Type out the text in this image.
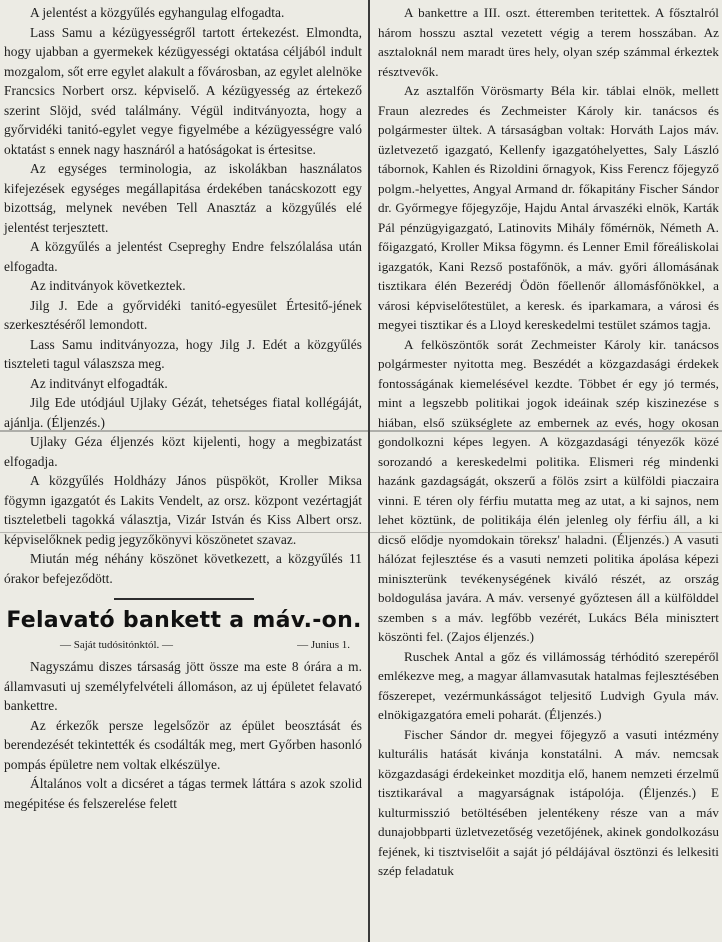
A jelentést a közgyűlés egyhangulag elfogadta.

Lass Samu a kézügyességről tartott értekezést. Elmondta, hogy ujabban a gyermekek kézügyességi oktatása céljából indult mozgalom, sőt erre egylet alakult a fővárosban, az egylet alelnöke Francsics Norbert orsz. képviselő. A kézügyesség az értekező szerint Slöjd, svéd találmány. Végül inditványozta, hogy a győrvidéki tanitó-egylet vegye figyelmébe a kézügyességre való oktatást s ennek nagy hasznáról a hatóságokat is értesitse.

Az egységes terminologia, az iskolákban használatos kifejezések egységes megállapitása érdekében tanácskozott egy bizottság, melynek nevében Tell Anasztáz a közgyűlés elé jelentést terjesztett.

A közgyűlés a jelentést Csepreghy Endre felszólalása után elfogadta.

Az inditványok következtek.

Jilg J. Ede a győrvidéki tanitó-egyesület Értesitő-jének szerkesztéséről lemondott.

Lass Samu inditványozza, hogy Jilg J. Edét a közgyűlés tiszteleti tagul válaszsza meg.

Az inditványt elfogadták.

Jilg Ede utódjául Ujlaky Gézát, tehetséges fiatal kollégáját, ajánlja. (Éljenzés.)

Ujlaky Géza éljenzés közt kijelenti, hogy a megbizatást elfogadja.

A közgyűlés Holdházy János püspököt, Kroller Miksa fögymn igazgatót és Lakits Vendelt, az orsz. központ vezértagját tiszteletbeli tagokká választja, Vizár István és Kiss Albert orsz. képviselőknek pedig jegyzőkönyvi köszönetet szavaz.

Miután még néhány köszönet következett, a közgyűlés 11 órakor befejeződött.

Felavató bankett a máv.-on.
— Saját tudósitónktól. —	— Junius 1.

Nagyszámu diszes társaság jött össze ma este 8 órára a m. államvasuti uj személyfelvételi állomáson, az uj épületet felavató bankettre.

Az érkezők persze legelsőzör az épület beosztását és berendezését tekintették és csodálták meg, mert Győrben hasonló pompás épületre nem voltak elkészülye.

Általános volt a dicséret a tágas termek láttára s azok szolid megépitése és felszerelése felett

A bankettre a III. oszt. étteremben teritettek. A fősztalról három hosszu asztal vezetett végig a terem hosszában. Az asztaloknál nem maradt üres hely, olyan szép számmal érkeztek résztvevők.

Az asztalfőn Vörösmarty Béla kir. táblai elnök, mellett Fraun alezredes és Zechmeister Károly kir. tanácsos és polgármester ültek. A társaságban voltak: Horváth Lajos máv. üzletvezető igazgató, Kellenfy igazgatóhelyettes, Saly László tábornok, Kahlen és Rizoldini őrnagyok, Kiss Ferencz főjegyző polgm.-helyettes, Angyal Armand dr. főkapitány Fischer Sándor dr. Győrmegye főjegyzője, Hajdu Antal árvaszéki elnök, Karták Pál pénzügyigazgató, Latinovits Mihály főmérnök, Németh A. főigazgató, Kroller Miksa fögymn. és Lenner Emil főreáliskolai igazgatók, Kani Rezső postafőnök, a máv. győri állomásának tisztikara élén Bezerédj Ödön főellenőr állomásfőnökkel, a városi képviselőtestület, a keresk. és iparkamara, a városi és megyei tisztikar és a Lloyd kereskedelmi testület számos tagja.

A felköszöntők sorát Zechmeister Károly kir. tanácsos polgármester nyitotta meg. Beszédét a közgazdasági érdekek fontosságának kiemelésével kezdte. Többet ér egy jó termés, mint a legszebb politikai jogok ideáinak szép kiszinezése s hiában, első szükséglete az embernek az evés, hogy okosan gondolkozni képes legyen. A közgazdasági tényezők közé sorozandó a kereskedelmi politika. Elismeri rég mindenki hazánk gazdagságát, okszerű a fölös zsirt a külföldi piaczaira vinni. E téren oly férfiu mutatta meg az utat, a ki sajnos, nem lehet köztünk, de politikája élén jelenleg oly férfiu áll, a ki dicső elődje nyomdokain töreksz' haladni. (Éljenzés.) A vasuti hálózat fejlesztése és a vasuti nemzeti politika ápolása képezi miniszterünk tevékenységének kiváló részét, az ország boldogulása javára. A máv. versenyé győztesen áll a külfölddel szemben s a máv. legfőbb vezérét, Lukács Béla minisztert köszönti fel. (Zajos éljenzés.)

Ruschek Antal a gőz és villámosság térhóditó szerepéről emlékezve meg, a magyar államvasutak hatalmas fejlesztésében főszerepet, vezérmunkásságot teljesitő Ludvigh Gyula máv. elnökigazgatóra emeli poharát. (Éljenzés.)

Fischer Sándor dr. megyei főjegyző a vasuti intézmény kulturális hatását kivánja konstatálni. A máv. nemcsak közgazdasági érdekeinket mozditja elő, hanem nemzeti érzelmű tisztikarával a magyarságnak istápolója. (Éljenzés.) E kulturmisszió betöltésében jelentékeny része van a máv dunajobbparti üzletvezetőség vezetőjének, akinek gondolkozásu fejének, ki tisztviselőit a saját jó példájával ösztönzi és lelkesiti szép feladatuk
